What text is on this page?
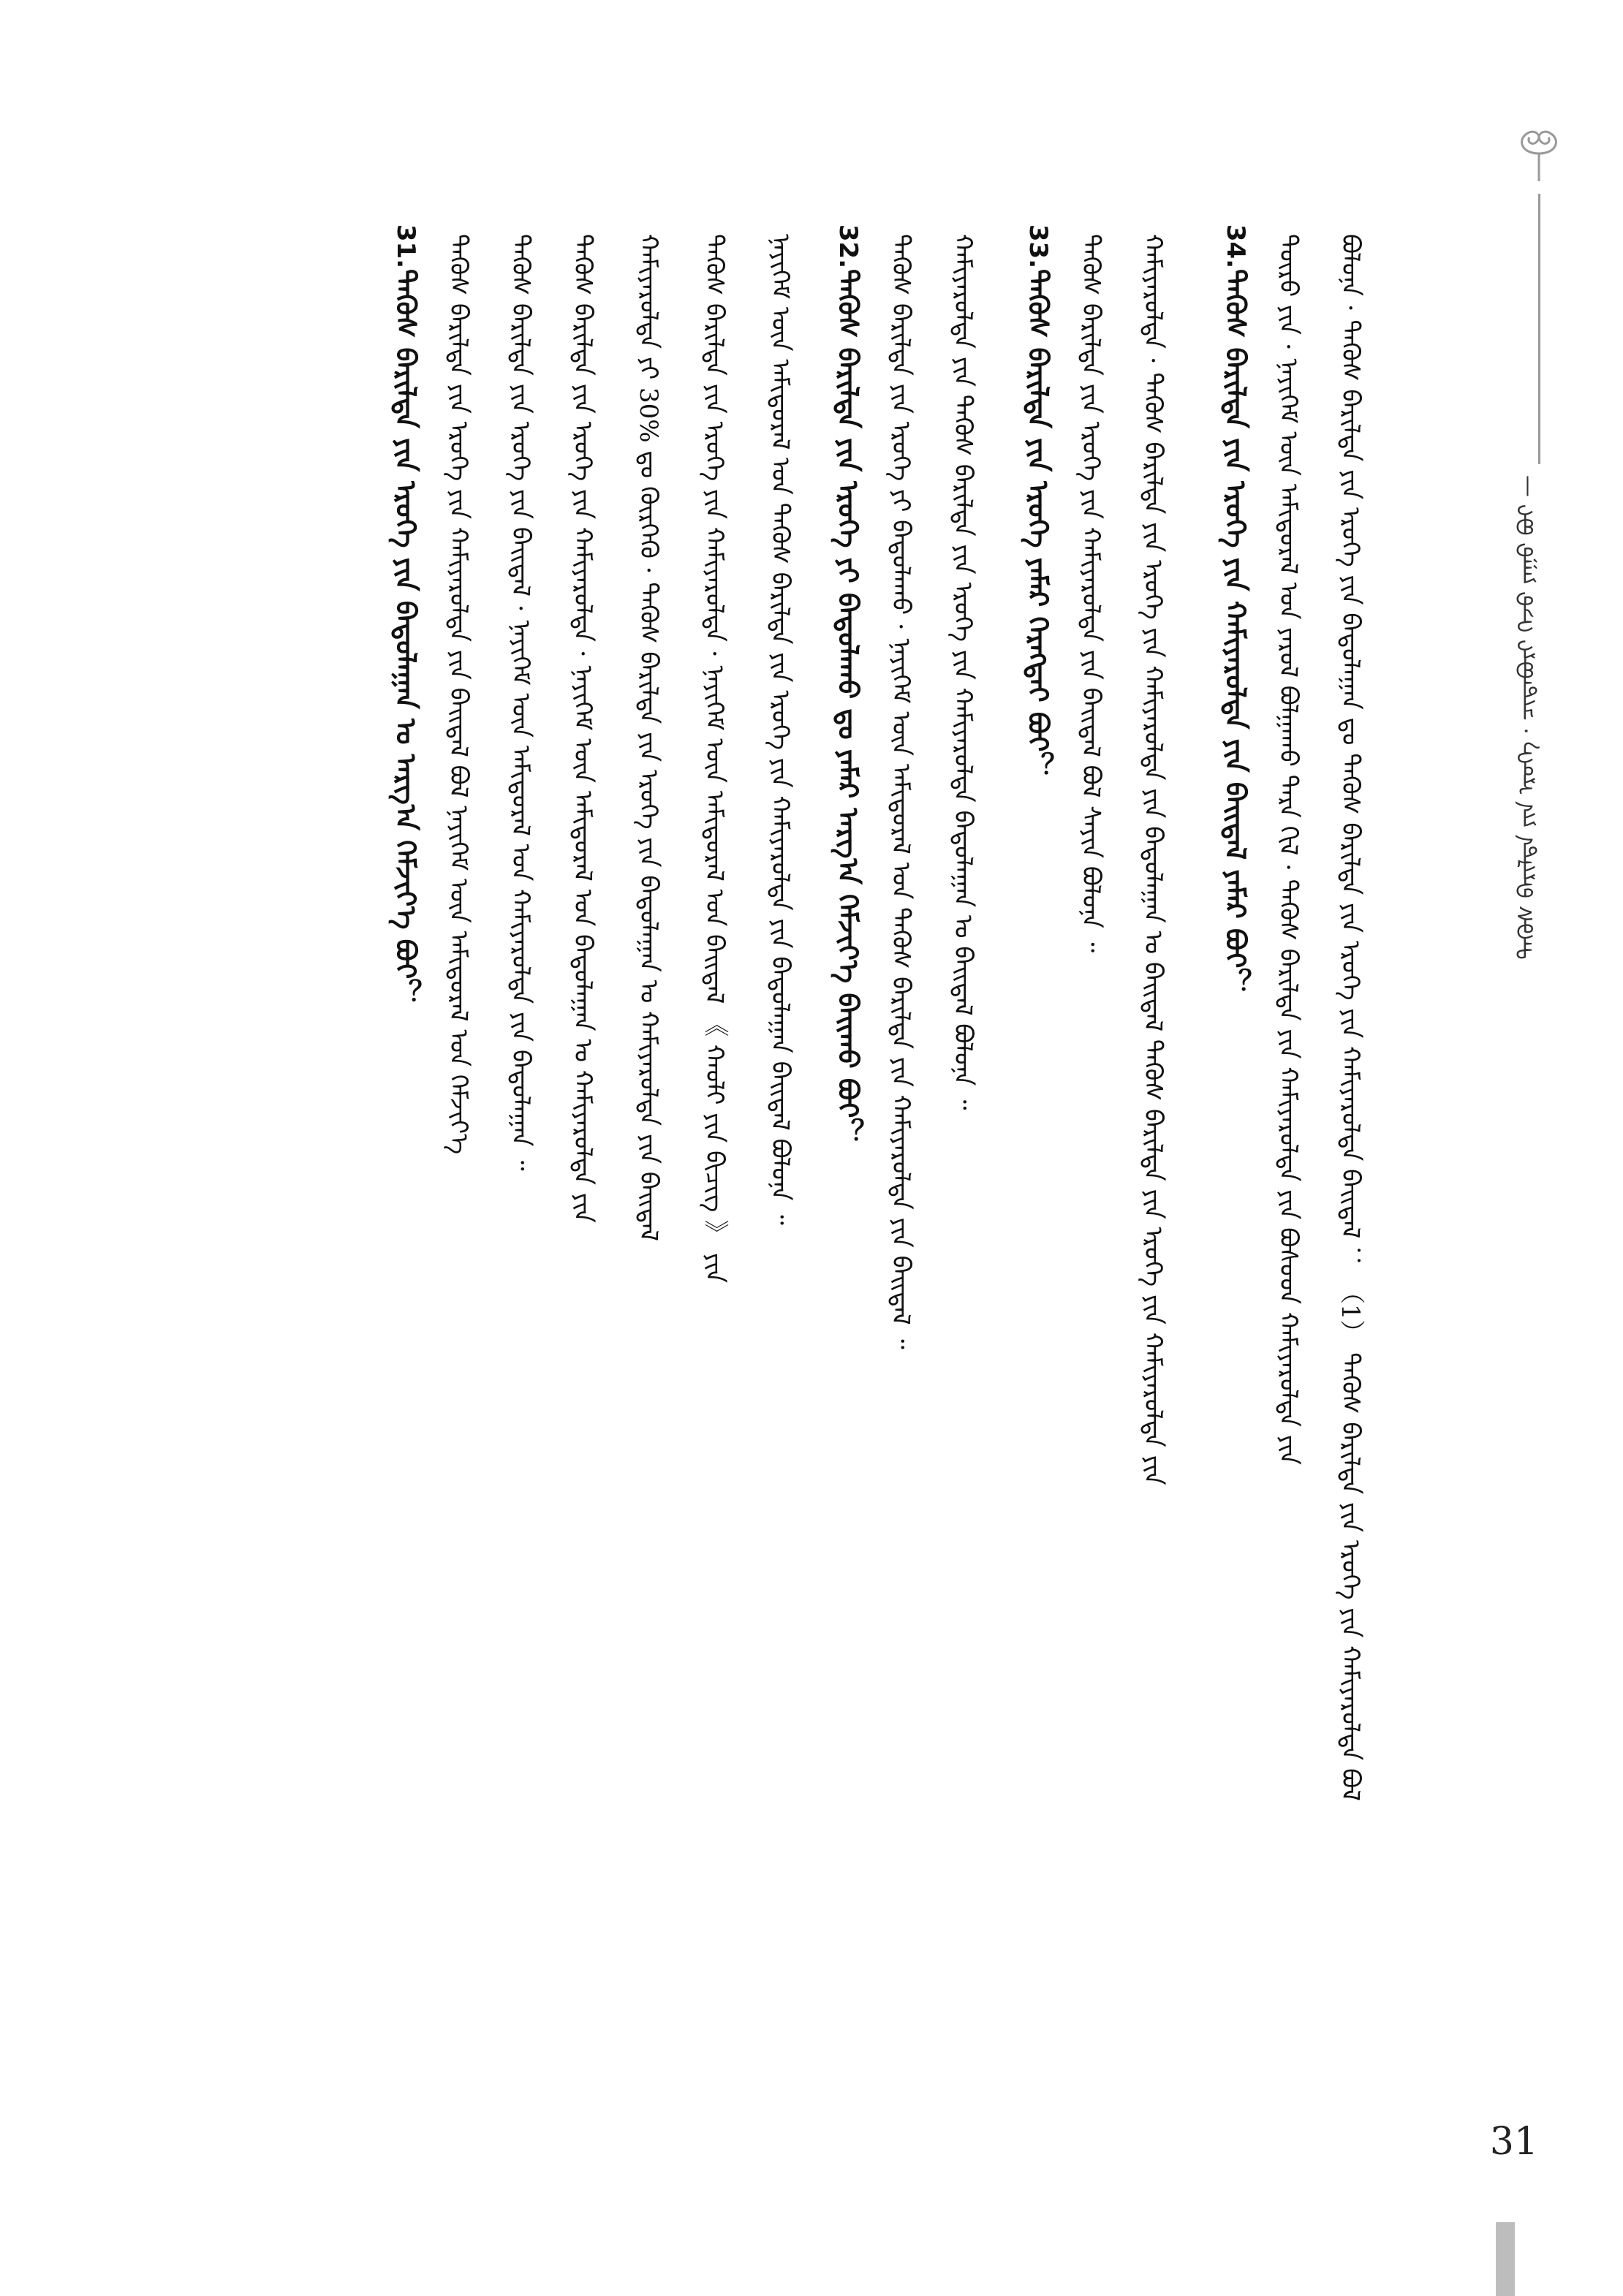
ᠲᠡᠭᠦᠰ ᠪᠠᠷᠢᠯᠲᠠ ᠶᠢᠨ ᠡᠷᠦᠬᠡ · ᠴᠢᠳᠠᠪᠦᠷᠢ ᠭᠡᠵᠦ ᠶᠠᠭᠤ ᠪᠤᠢ —
ᠪᠣᠯᠤᠨᠠ · ᠲᠡᠭᠦᠰ ᠪᠠᠷᠢᠯᠲᠠ ᠶᠢᠨ ᠡᠷᠦᠬᠡ ᠶᠢᠨ ᠪᠠᠲᠤᠯᠠᠭᠠᠨ ᠳᠤ ᠲᠡᠭᠦᠰ ᠪᠠᠷᠢᠯᠲᠠ ᠶᠢᠨ ᠡᠷᠦᠬᠡ ᠶᠢᠨ ᠬᠠᠮᠢᠶᠠᠷᠤᠯᠲᠠ ᠪᠠᠢᠳᠠᠯ ： （1） ᠲᠡᠭᠦᠰ ᠪᠠᠷᠢᠯᠲᠠ ᠶᠢᠨ ᠡᠷᠦᠬᠡ ᠶᠢᠨ ᠬᠠᠮᠢᠶᠠᠷᠤᠯᠲᠠ ᠪᠣᠯ
ᠲᠥᠷᠥ ᠶᠢᠨ · ᠨᠡᠶᠢᠭᠡᠮ ᠦᠨ ᠠᠮᠢᠳᠤᠷᠠᠯ ᠤᠨ ᠶᠠᠷᠤᠯ ᠪᠣᠯᠭᠠᠬᠤ ᠲᠡᠷᠡ ᠭᠢᠯ · ᠲᠡᠭᠦᠰ ᠪᠠᠷᠢᠯᠲᠠ ᠶᠢᠨ ᠬᠠᠮᠢᠶᠠᠷᠤᠯᠲᠠ ᠶᠢᠨ ᠪᠤᠰᠤᠳ ᠬᠠᠮᠢᠶᠠᠷᠤᠯᠲᠠ ᠶᠢᠨ
34.ᠲᠡᠭᠦᠰ ᠪᠠᠷᠢᠯᠲᠠ ᠶᠢᠨ ᠡᠷᠦᠬᠡ ᠶᠢᠨ ᠬᠠᠮᠢᠶᠠᠷᠤᠯᠲᠠ ᠶᠢᠨ ᠪᠠᠢᠳᠠᠯ ᠶᠠᠮᠠᠷ ᠪᠤᠢ？
ᠬᠠᠮᠢᠶᠠᠷᠤᠯᠲᠠ · ᠲᠡᠭᠦᠰ ᠪᠠᠷᠢᠯᠲᠠ ᠶᠢᠨ ᠡᠷᠦᠬᠡ ᠶᠢᠨ ᠬᠠᠮᠢᠶᠠᠷᠤᠯᠲᠠ ᠶᠢᠨ ᠪᠠᠲᠤᠯᠠᠭᠠᠨ ᠤ ᠪᠠᠢᠳᠠᠯ ᠲᠡᠭᠦᠰ ᠪᠠᠷᠢᠯᠲᠠ ᠶᠢᠨ ᠡᠷᠦᠬᠡ ᠶᠢᠨ ᠬᠠᠮᠢᠶᠠᠷᠤᠯᠲᠠ ᠶᠢᠨ
ᠲᠡᠭᠦᠰ ᠪᠠᠷᠢᠯᠲᠠ ᠶᠢᠨ ᠡᠷᠦᠬᠡ ᠶᠢᠨ ᠬᠠᠮᠢᠶᠠᠷᠤᠯᠲᠠ ᠶᠢᠨ ᠪᠠᠢᠳᠠᠯ ᠪᠣᠯ ᠰᠠᠶᠢᠨ ᠪᠣᠯᠤᠨᠠ ᠃
33.ᠲᠡᠭᠦᠰ ᠪᠠᠷᠢᠯᠲᠠ ᠶᠢᠨ ᠡᠷᠦᠬᠡ ᠶᠠᠮᠠᠷ ᠬᠡᠷᠡᠭᠲᠡᠢ ᠪᠤᠢ？
ᠬᠠᠮᠢᠶᠠᠷᠤᠯᠲᠠ ᠶᠢᠨ ᠲᠡᠭᠦᠰ ᠪᠠᠷᠢᠯᠲᠠ ᠶᠢᠨ ᠡᠷᠦᠬᠡ ᠶᠢᠨ ᠬᠠᠮᠢᠶᠠᠷᠤᠯᠲᠠ ᠪᠠᠲᠤᠯᠠᠭᠠᠨ ᠤ ᠪᠠᠢᠳᠠᠯ ᠪᠣᠯᠤᠨᠠ ᠃
ᠲᠡᠭᠦᠰ ᠪᠠᠷᠢᠯᠲᠠ ᠶᠢᠨ ᠡᠷᠦᠬᠡ ᠶᠢ ᠪᠠᠲᠤᠯᠠᠬᠤ · ᠨᠡᠶᠢᠭᠡᠮ ᠦᠨ ᠠᠮᠢᠳᠤᠷᠠᠯ ᠤᠨ ᠲᠡᠭᠦᠰ ᠪᠠᠷᠢᠯᠲᠠ ᠶᠢᠨ ᠬᠠᠮᠢᠶᠠᠷᠤᠯᠲᠠ ᠶᠢᠨ ᠪᠠᠢᠳᠠᠯ ᠃
32.ᠲᠡᠭᠦᠰ ᠪᠠᠷᠢᠯᠲᠠ ᠶᠢᠨ ᠡᠷᠦᠬᠡ ᠶᠢ ᠪᠠᠲᠤᠯᠠᠬᠤ ᠳᠤ ᠶᠠᠮᠠᠷ ᠠᠷᠭ᠎ᠠ ᠬᠡᠮᠵᠢᠶ᠎ᠡ ᠪᠠᠢᠬᠤ ᠪᠤᠢ？
ᠨᠡᠶᠢᠭᠡᠮ ᠦᠨ ᠠᠮᠢᠳᠤᠷᠠᠯ ᠤᠨ ᠲᠡᠭᠦᠰ ᠪᠠᠷᠢᠯᠲᠠ ᠶᠢᠨ ᠡᠷᠦᠬᠡ ᠶᠢᠨ ᠬᠠᠮᠢᠶᠠᠷᠤᠯᠲᠠ ᠶᠢᠨ ᠪᠠᠲᠤᠯᠠᠭᠠᠨ ᠪᠠᠢᠳᠠᠯ ᠪᠣᠯᠤᠨᠠ ᠃
ᠲᠡᠭᠦᠰ ᠪᠠᠷᠢᠯᠲᠠ ᠶᠢᠨ ᠡᠷᠦᠬᠡ ᠶᠢᠨ ᠬᠠᠮᠢᠶᠠᠷᠤᠯᠲᠠ · ᠨᠡᠶᠢᠭᠡᠮ ᠦᠨ ᠠᠮᠢᠳᠤᠷᠠᠯ ᠤᠨ ᠪᠠᠢᠳᠠᠯ 《 ᠬᠠᠤᠯᠢ ᠶᠢᠨ ᠪᠢᠴᠢᠭ 》 ᠶᠢᠨ
ᠬᠠᠮᠢᠶᠠᠷᠤᠯᠲᠠ ᠶᠢ 30% ᠳᠤ ᠬᠦᠷᠭᠡᠬᠦ · ᠲᠡᠭᠦᠰ ᠪᠠᠷᠢᠯᠲᠠ ᠶᠢᠨ ᠡᠷᠦᠬᠡ ᠶᠢᠨ ᠪᠠᠲᠤᠯᠠᠭᠠᠨ ᠤ ᠬᠠᠮᠢᠶᠠᠷᠤᠯᠲᠠ ᠶᠢᠨ ᠪᠠᠢᠳᠠᠯ
ᠲᠡᠭᠦᠰ ᠪᠠᠷᠢᠯᠲᠠ ᠶᠢᠨ ᠡᠷᠦᠬᠡ ᠶᠢᠨ ᠬᠠᠮᠢᠶᠠᠷᠤᠯᠲᠠ · ᠨᠡᠶᠢᠭᠡᠮ ᠦᠨ ᠠᠮᠢᠳᠤᠷᠠᠯ ᠤᠨ ᠪᠠᠲᠤᠯᠠᠭᠠᠨ ᠤ ᠬᠠᠮᠢᠶᠠᠷᠤᠯᠲᠠ ᠶᠢᠨ
ᠲᠡᠭᠦᠰ ᠪᠠᠷᠢᠯᠲᠠ ᠶᠢᠨ ᠡᠷᠦᠬᠡ ᠶᠢᠨ ᠪᠠᠢᠳᠠᠯ · ᠨᠡᠶᠢᠭᠡᠮ ᠦᠨ ᠠᠮᠢᠳᠤᠷᠠᠯ ᠤᠨ ᠬᠠᠮᠢᠶᠠᠷᠤᠯᠲᠠ ᠶᠢᠨ ᠪᠠᠲᠤᠯᠠᠭᠠᠨ ᠃
ᠲᠡᠭᠦᠰ ᠪᠠᠷᠢᠯᠲᠠ ᠶᠢᠨ ᠡᠷᠦᠬᠡ ᠶᠢᠨ ᠬᠠᠮᠢᠶᠠᠷᠤᠯᠲᠠ ᠶᠢᠨ ᠪᠠᠢᠳᠠᠯ ᠪᠣᠯ ᠨᠡᠶᠢᠭᠡᠮ ᠦᠨ ᠠᠮᠢᠳᠤᠷᠠᠯ ᠤᠨ ᠬᠡᠮᠵᠢᠶ᠎ᠡ
31.ᠲᠡᠭᠦᠰ ᠪᠠᠷᠢᠯᠲᠠ ᠶᠢᠨ ᠡᠷᠦᠬᠡ ᠶᠢᠨ ᠪᠠᠲᠤᠯᠠᠭᠠᠨ ᠤ ᠠᠷᠭ᠎ᠠ ᠬᠡᠮᠵᠢᠶ᠎ᠡ ᠪᠤᠢ？
31
